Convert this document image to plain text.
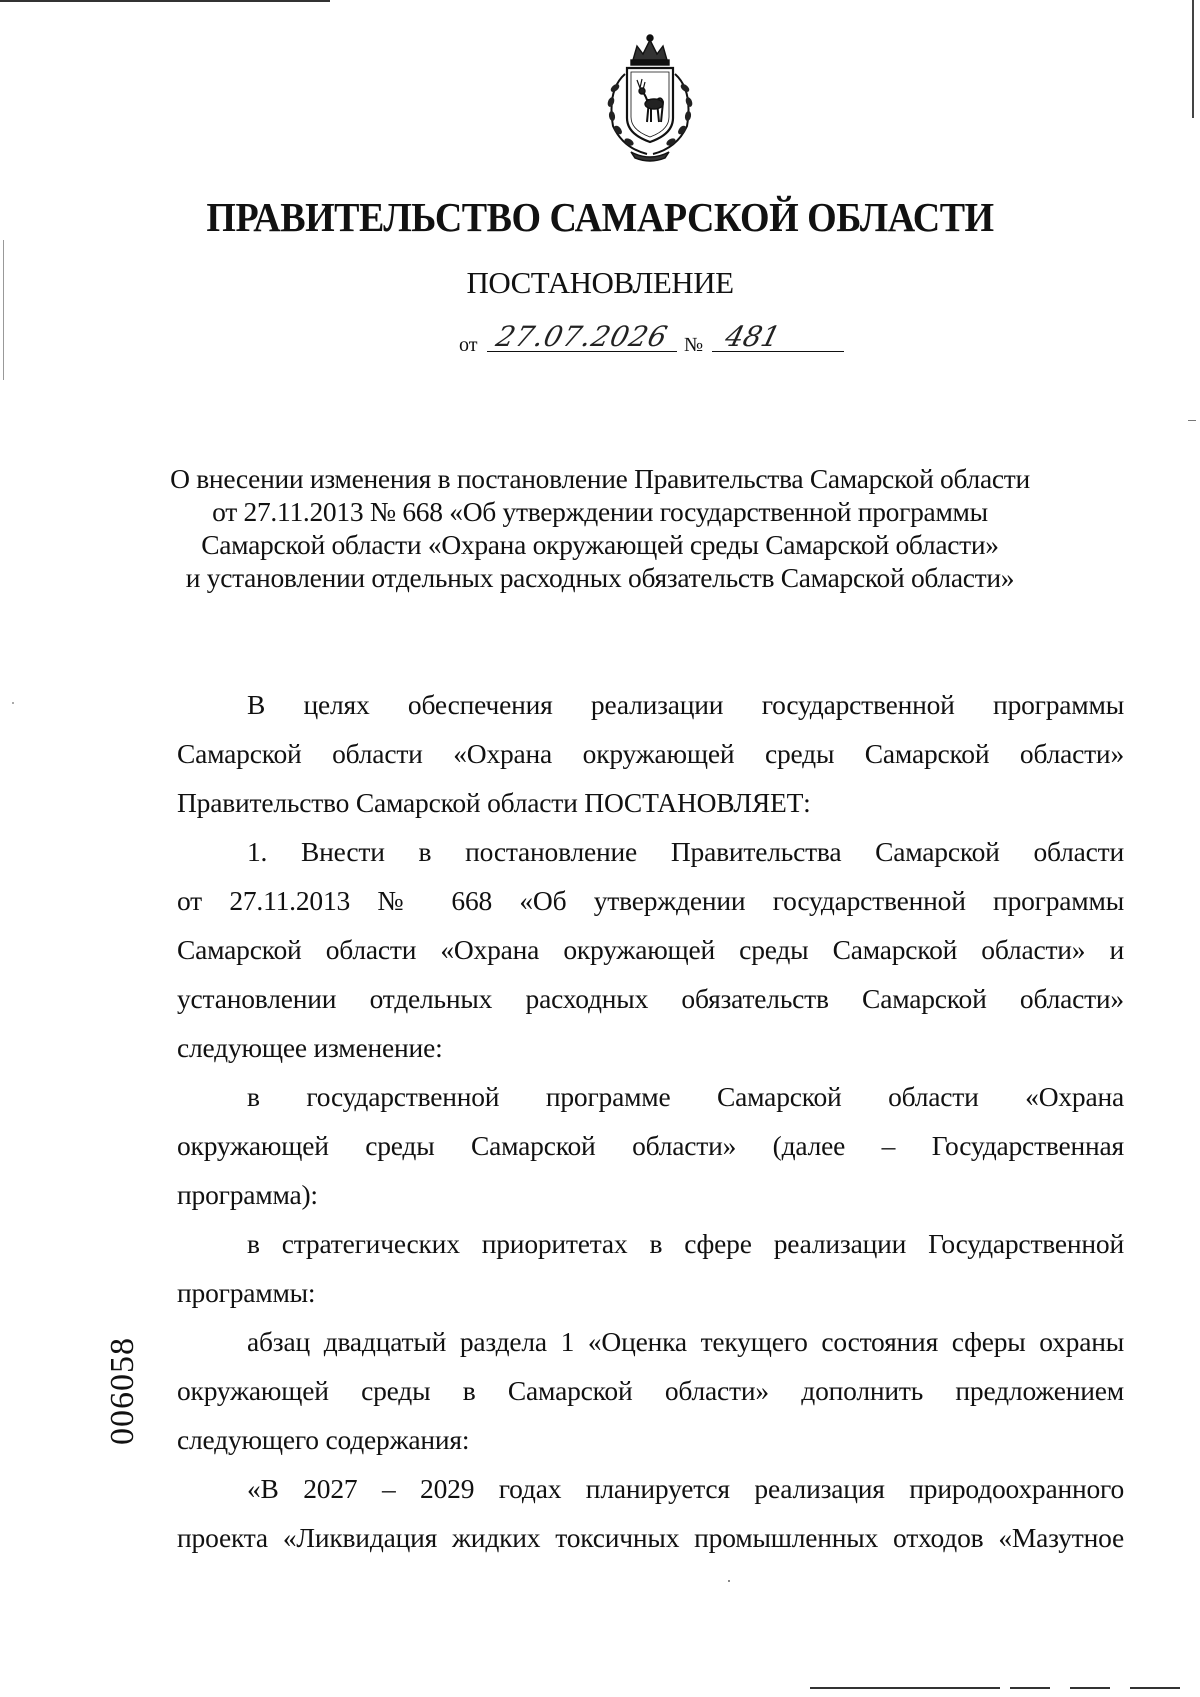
ПРАВИТЕЛЬСТВО САМАРСКОЙ ОБЛАСТИ
ПОСТАНОВЛЕНИЕ
от 27.07.2026 № 481
О внесении изменения в постановление Правительства Самарской области
от 27.11.2013 № 668 «Об утверждении государственной программы
Самарской области «Охрана окружающей среды Самарской области»
и установлении отдельных расходных обязательств Самарской области»
В целях обеспечения реализации государственной программы
Самарской области «Охрана окружающей среды Самарской области»
Правительство Самарской области ПОСТАНОВЛЯЕТ:
1. Внести в постановление Правительства Самарской области
от 27.11.2013 № 668 «Об утверждении государственной программы
Самарской области «Охрана окружающей среды Самарской области» и
установлении отдельных расходных обязательств Самарской области»
следующее изменение:
в государственной программе Самарской области «Охрана
окружающей среды Самарской области» (далее – Государственная
программа):
в стратегических приоритетах в сфере реализации Государственной
программы:
абзац двадцатый раздела 1 «Оценка текущего состояния сферы охраны
окружающей среды в Самарской области» дополнить предложением
следующего содержания:
«В 2027 – 2029 годах планируется реализация природоохранного
проекта «Ликвидация жидких токсичных промышленных отходов «Мазутное
006058
